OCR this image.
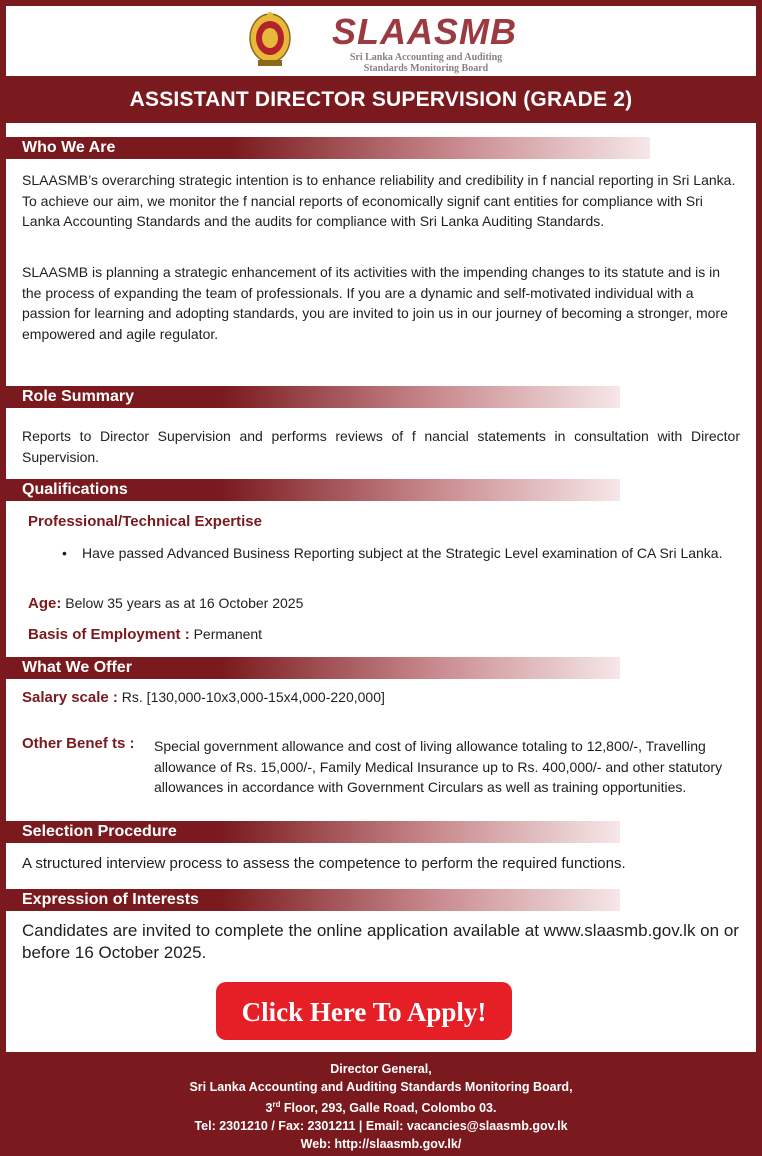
SLAASMB
Sri Lanka Accounting and Auditing
Standards Monitoring Board
ASSISTANT DIRECTOR SUPERVISION (GRADE 2)
Who We Are
SLAASMB’s overarching strategic intention is to enhance reliability and credibility in f nancial reporting in Sri Lanka. To achieve our aim, we monitor the f nancial reports of economically signif cant entities for compliance with Sri Lanka Accounting Standards and the audits for compliance with Sri Lanka Auditing Standards.
SLAASMB is planning a strategic enhancement of its activities with the impending changes to its statute and is in the process of expanding the team of professionals. If you are a dynamic and self-motivated individual with a passion for learning and adopting standards, you are invited to join us in our journey of becoming a stronger, more empowered and agile regulator.
Role Summary
Reports to Director Supervision and performs reviews of f nancial statements in consultation with Director Supervision.
Qualifications
Professional/Technical Expertise
•	Have passed Advanced Business Reporting subject at the Strategic Level examination of CA Sri Lanka.
Age: Below 35 years as at 16 October 2025
Basis of Employment : Permanent
What We Offer
Salary scale : Rs. [130,000-10x3,000-15x4,000-220,000]
Other Benef ts : Special government allowance and cost of living allowance totaling to 12,800/-, Travelling allowance of Rs. 15,000/-, Family Medical Insurance up to Rs. 400,000/- and other statutory allowances in accordance with Government Circulars as well as training opportunities.
Selection Procedure
A structured interview process to assess the competence to perform the required functions.
Expression of Interests
Candidates are invited to complete the online application available at www.slaasmb.gov.lk on or before 16 October 2025.
Click Here To Apply!
Director General,
Sri Lanka Accounting and Auditing Standards Monitoring Board,
3rd Floor, 293, Galle Road, Colombo 03.
Tel: 2301210 / Fax: 2301211 | Email: vacancies@slaasmb.gov.lk
Web: http://slaasmb.gov.lk/
